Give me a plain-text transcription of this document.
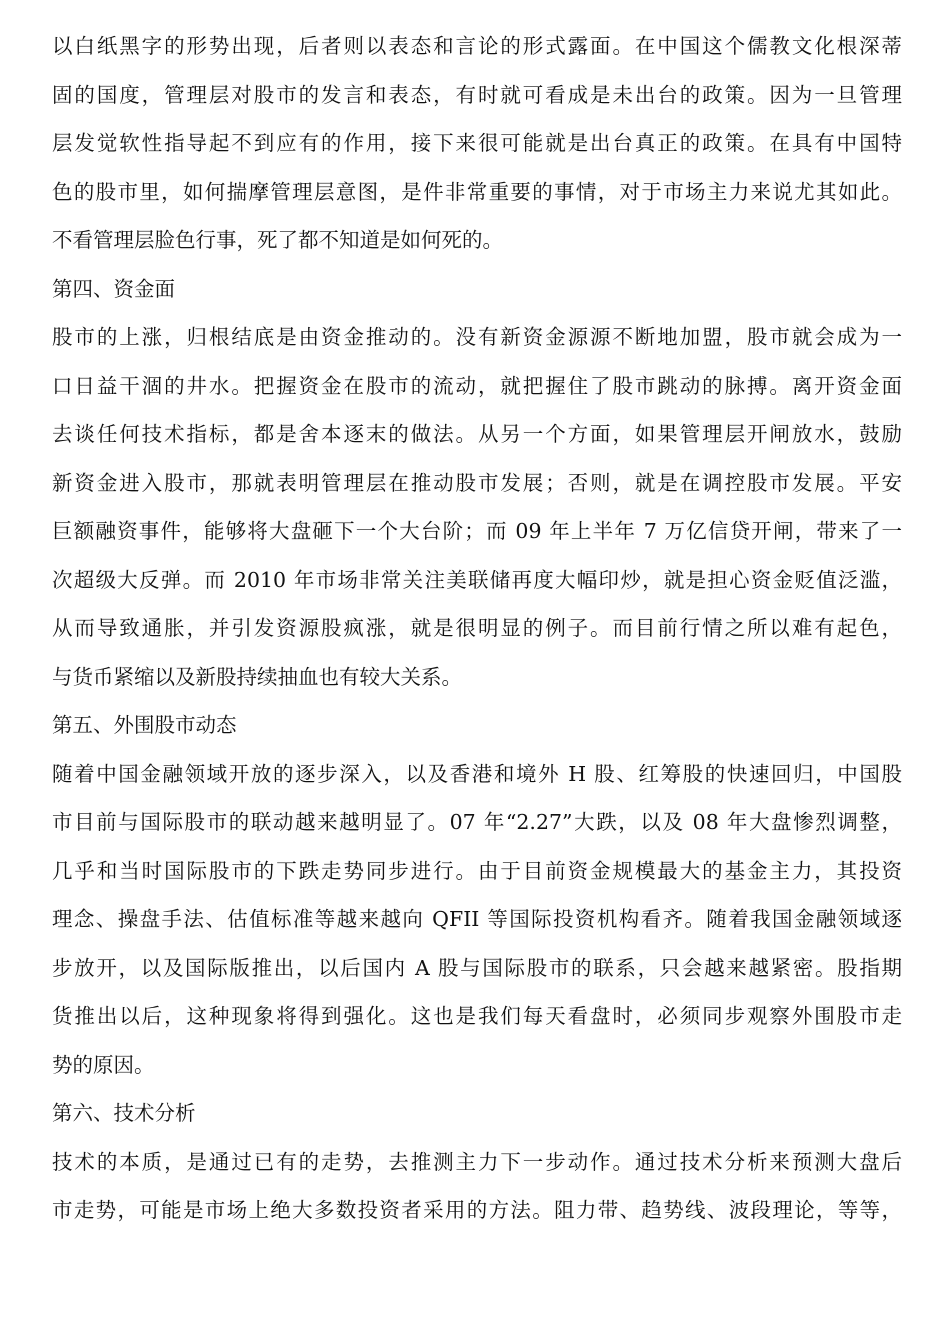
以白纸黑字的形势出现，后者则以表态和言论的形式露面。在中国这个儒教文化根深蒂
固的国度，管理层对股市的发言和表态，有时就可看成是未出台的政策。因为一旦管理
层发觉软性指导起不到应有的作用，接下来很可能就是出台真正的政策。在具有中国特
色的股市里，如何揣摩管理层意图，是件非常重要的事情，对于市场主力来说尤其如此。
不看管理层脸色行事，死了都不知道是如何死的。
第四、资金面
股市的上涨，归根结底是由资金推动的。没有新资金源源不断地加盟，股市就会成为一
口日益干涸的井水。把握资金在股市的流动，就把握住了股市跳动的脉搏。离开资金面
去谈任何技术指标，都是舍本逐末的做法。从另一个方面，如果管理层开闸放水，鼓励
新资金进入股市，那就表明管理层在推动股市发展；否则，就是在调控股市发展。平安
巨额融资事件，能够将大盘砸下一个大台阶；而 09 年上半年 7 万亿信贷开闸，带来了一
次超级大反弹。而 2010 年市场非常关注美联储再度大幅印炒，就是担心资金贬值泛滥，
从而导致通胀，并引发资源股疯涨，就是很明显的例子。而目前行情之所以难有起色，
与货币紧缩以及新股持续抽血也有较大关系。
第五、外围股市动态
随着中国金融领域开放的逐步深入，以及香港和境外 H 股、红筹股的快速回归，中国股
市目前与国际股市的联动越来越明显了。07 年“2.27”大跌，以及 08 年大盘惨烈调整，
几乎和当时国际股市的下跌走势同步进行。由于目前资金规模最大的基金主力，其投资
理念、操盘手法、估值标准等越来越向 QFII 等国际投资机构看齐。随着我国金融领域逐
步放开，以及国际版推出，以后国内 A 股与国际股市的联系，只会越来越紧密。股指期
货推出以后，这种现象将得到强化。这也是我们每天看盘时，必须同步观察外围股市走
势的原因。
第六、技术分析
技术的本质，是通过已有的走势，去推测主力下一步动作。通过技术分析来预测大盘后
市走势，可能是市场上绝大多数投资者采用的方法。阻力带、趋势线、波段理论，等等，
